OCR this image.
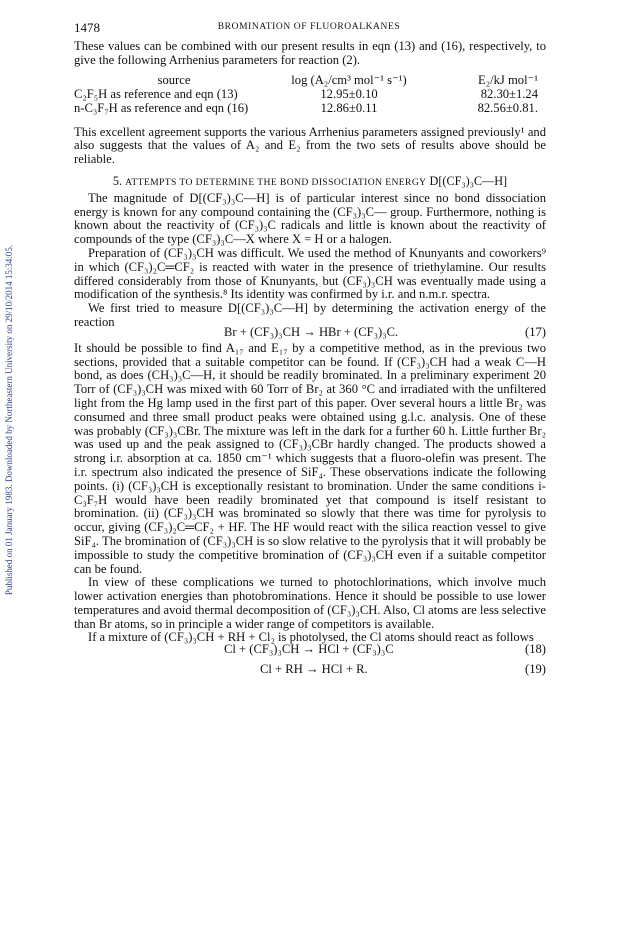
1478	BROMINATION OF FLUOROALKANES
Published on 01 January 1983. Downloaded by Northeastern University on 29/10/2014 15:34:05.

These values can be combined with our present results in eqn (13) and (16), respectively, to give the following Arrhenius parameters for reaction (2).

source	log (A₂/cm³ mol⁻¹ s⁻¹)	E₂/kJ mol⁻¹
C₂F₅H as reference and eqn (13)	12.95±0.10	82.30±1.24
n-C₃F₇H as reference and eqn (16)	12.86±0.11	82.56±0.81.

This excellent agreement supports the various Arrhenius parameters assigned previously¹ and also suggests that the values of A₂ and E₂ from the two sets of results above should be reliable.

5. ATTEMPTS TO DETERMINE THE BOND DISSOCIATION ENERGY D[(CF₃)₃C—H]

The magnitude of D[(CF₃)₃C—H] is of particular interest since no bond dissociation energy is known for any compound containing the (CF₃)₃C— group. Furthermore, nothing is known about the reactivity of (CF₃)₃C radicals and little is known about the reactivity of compounds of the type (CF₃)₃C—X where X = H or a halogen.

Preparation of (CF₃)₃CH was difficult. We used the method of Knunyants and coworkers⁹ in which (CF₃)₂C═CF₂ is reacted with water in the presence of triethylamine. Our results differed considerably from those of Knunyants, but (CF₃)₃CH was eventually made using a modification of the synthesis.⁸ Its identity was confirmed by i.r. and n.m.r. spectra.

We first tried to measure D[(CF₃)₃C—H] by determining the activation energy of the reaction

Br + (CF₃)₃CH → HBr + (CF₃)₃C.	(17)

It should be possible to find A₁₇ and E₁₇ by a competitive method, as in the previous two sections, provided that a suitable competitor can be found. If (CF₃)₃CH had a weak C—H bond, as does (CH₃)₃C—H, it should be readily brominated. In a preliminary experiment 20 Torr of (CF₃)₃CH was mixed with 60 Torr of Br₂ at 360 °C and irradiated with the unfiltered light from the Hg lamp used in the first part of this paper. Over several hours a little Br₂ was consumed and three small product peaks were obtained using g.l.c. analysis. One of these was probably (CF₃)₃CBr. The mixture was left in the dark for a further 60 h. Little further Br₂ was used up and the peak assigned to (CF₃)₃CBr hardly changed. The products showed a strong i.r. absorption at ca. 1850 cm⁻¹ which suggests that a fluoro-olefin was present. The i.r. spectrum also indicated the presence of SiF₄. These observations indicate the following points. (i) (CF₃)₃CH is exceptionally resistant to bromination. Under the same conditions i-C₃F₇H would have been readily brominated yet that compound is itself resistant to bromination. (ii) (CF₃)₃CH was brominated so slowly that there was time for pyrolysis to occur, giving (CF₃)₂C═CF₂ + HF. The HF would react with the silica reaction vessel to give SiF₄. The bromination of (CF₃)₃CH is so slow relative to the pyrolysis that it will probably be impossible to study the competitive bromination of (CF₃)₃CH even if a suitable competitor can be found.

In view of these complications we turned to photochlorinations, which involve much lower activation energies than photobrominations. Hence it should be possible to use lower temperatures and avoid thermal decomposition of (CF₃)₃CH. Also, Cl atoms are less selective than Br atoms, so in principle a wider range of competitors is available.

If a mixture of (CF₃)₃CH + RH + Cl₂ is photolysed, the Cl atoms should react as follows

Cl + (CF₃)₃CH → HCl + (CF₃)₃C	(18)
Cl + RH → HCl + R.	(19)
